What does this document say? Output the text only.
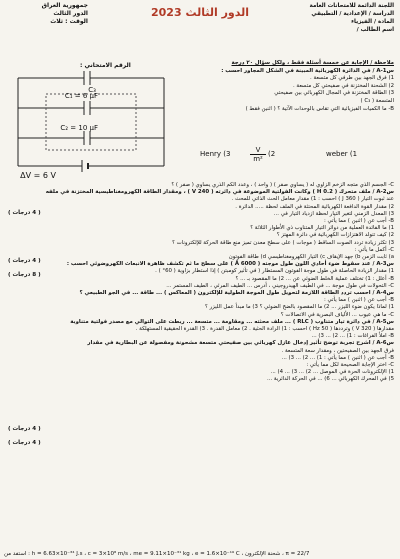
اللجنة الدائمة للامتحانات العامة

الدراسة / الإعدادية / التطبيقي

المادة / الفيزياء

اسم الطالب /

الدور الثالث 2023

جمهورية العراق

الدور الثالث

الوقت : ثلاث

الرقم الامتحاني :
C₁ = 6 μF
C₂ = 10 μF
C₃
ΔV = 6 V

ملاحظة / الإجابة عن خمسة أسئلة فقط ، ولكل سؤال ٢٠ درجة

س1-A / في الدائرة الكهربائية المبينة في الشكل المجاور احسب :

1) فرق الجهد بين طرفي كل متسعة .

2) الشحنة المختزنة في صفيحتي كل متسعة .

3) الطاقة المختزنة في المجال الكهربائي بين صفيحتي

المتسعة ( C₃ )

B- ما الكميات الفيزيائية التي تقاس بالوحدات الآتية ؟ ( اثنين فقط )

Henry (3	$\frac{V}{\text{m²}} (2$	weber (1

C- الجسم الذي متجه الزخم الزاوي له ( يساوي صفر ) ( واحد ) ، وعدد الكم الذري يساوي ( صفر ) ؟

س2-A / ملف متحرك ( 0.2 H ) وكانت الفولتية الموضوعة في دائرته ( 240 V ) ، ومقدار الطاقة الكهرومغناطيسية المختزنة في ملفه

عند ثبوت التيار ( 360 J ) احسب : 1) مقدار معامل الحث الذاتي للمحث .

2) مقدار القوة الدافعة الكهربائية المحتثة في الملف لحظة ..... الدائرة .

3) المعدل الزمني لتغير التيار لحظة ازدياد التيار في ...

B- أجب عن ( اثنين ) مما يأتي :

1) ما الفائدة العملية من دوائر التيار المتناوب ذي الأطوار الثلاثة ؟

2) كيف تتولد الاهتزازات الكهربائية في دائرة المهتز ؟

3) تكثر زيادة تردد الصوت الساقط ( موجات ) على سطح معدن تميز منع طاقة الحركة للإلكترونات ؟

C- أكمل ما يأتي :

a) ثابت الزمن b) جهد الإيقاف c) التيار الكهرومغناطيسي d) طاقة الفوتون

س3-A / عند سقوط ضوء أحادي اللون طول موجته ( 6000 Å ) على سطح ما ثم تكشف ظاهرة الانبعاث الكهروضوئي احسب :

1) مقدار الزيادة الحاصلة في طول موجة الفوتون المستطار ( في تأثير كومبتن ) إذا استطار بزاوية ( 60° ) .

B- أعلل : 1) تختلف عملية الخلط الضوئي عن ... 2) ما المقصود بـ ... ؟

C- التحولات في طول موجة ... في الطيف الهيدروجيني ، أدرس ... الطيف المرئي ، الطيف المستمر ...

س4-A / احسب تردد الطاقة اللازمة لتحويل طول الموجة الطولية للإلكترون ( المعاكس ) ... طاقة ... في الجو الطبيعي ؟

B- أجب عن ( اثنين ) مما يأتي :

1) لماذا يكون ضوء الليزر ... 2) ما المقصود بالضخ الضوئي ؟ 3) ما مبدأ عمل الليزر ؟

C- ما هي عيوب ... الألياف البصرية في الاتصالات ؟

س5-A / في دائرة تيار متناوب ( RLC ) ... ملف محثته ... ومقاومة ... متسعة ... ربطت على التوالي مع مصدر فولتية متناوبة

مقدارها ( 320 V ) وترددها ( 50 Hz ) احسب : 1) الرادة الحثية . 2) معامل القدرة . 3) القدرة الحقيقية المستهلكة .

B- املأ الفراغات : 1) ... 2) ... 3) ...

س6-A / اشرح تجربة توضح تأثير إدخال عازل كهربائي بين صفيحتي متسعة مشحونة ومفصولة عن البطارية في مقدار

فرق الجهد بين الصفيحتين ، ومقدار سعة المتسعة .

B- أجب عن ( اثنين ) مما يأتي : 1) ... 2) ... 3) ...

C- اختر الإجابة الصحيحة لكل مما يأتي :

1) الإلكترونات الحرة في الموصل ... 2) ... 3) ... 4) ...

5) في المحرك الكهربائي ... 6) ... في الحركة الدائرية ...

( 4 درجات )
( 4 درجات )
( 8 درجات )
( 4 درجات )
( 4 درجات )
استفد من : h = 6.63×10⁻³⁴ J.s ، c = 3×10⁸ m/s ، me = 9.11×10⁻³¹ kg ، e = 1.6×10⁻¹⁹ C ، شحنة الإلكترون ، π = 22/7
